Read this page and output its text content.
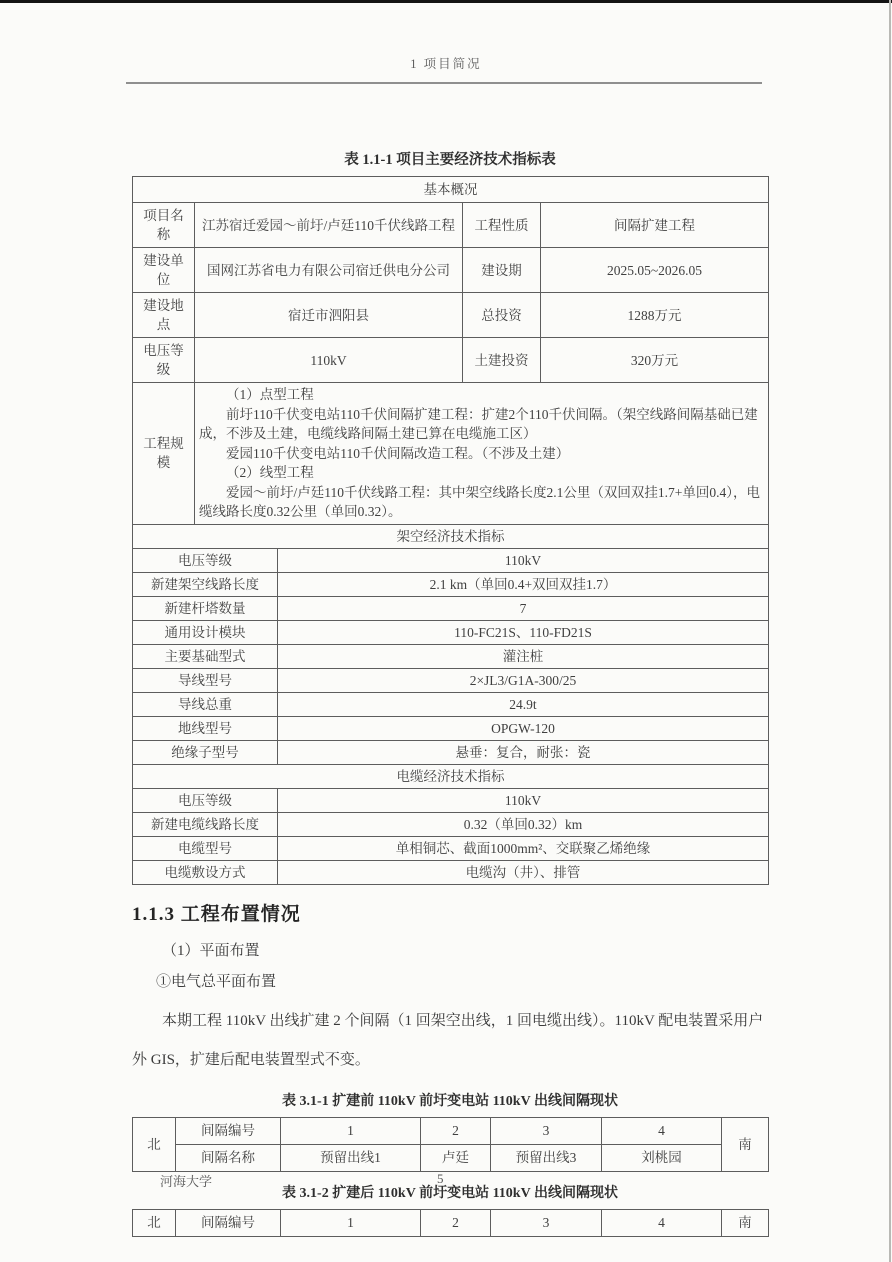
1 项目简况
表 1.1-1 项目主要经济技术指标表
基本概况			
项目名称	江苏宿迁爱园～前圩/卢廷110千伏线路工程	工程性质	间隔扩建工程
建设单位	国网江苏省电力有限公司宿迁供电分公司	建设期	2025.05~2026.05
建设地点	宿迁市泗阳县	总投资	1288万元
电压等级	110kV	土建投资	320万元
工程规模	（1）点型工程

前圩110千伏变电站110千伏间隔扩建工程：扩建2个110千伏间隔。（架空线路间隔基础已建成，不涉及土建，电缆线路间隔土建已算在电缆施工区）

爱园110千伏变电站110千伏间隔改造工程。（不涉及土建）

（2）线型工程

爱园～前圩/卢廷110千伏线路工程：其中架空线路长度2.1公里（双回双挂1.7+单回0.4），电缆线路长度0.32公里（单回0.32）。		

架空经济技术指标	
电压等级	110kV
新建架空线路长度	2.1 km（单回0.4+双回双挂1.7）
新建杆塔数量	7
通用设计模块	110-FC21S、110-FD21S
主要基础型式	灌注桩
导线型号	2×JL3/G1A-300/25
导线总重	24.9t
地线型号	OPGW-120
绝缘子型号	悬垂：复合，耐张：瓷
电缆经济技术指标	
电压等级	110kV
新建电缆线路长度	0.32（单回0.32）km
电缆型号	单相铜芯、截面1000mm²、交联聚乙烯绝缘
电缆敷设方式	电缆沟（井）、排管
1.1.3 工程布置情况

（1）平面布置

①电气总平面布置

本期工程 110kV 出线扩建 2 个间隔（1 回架空出线，1 回电缆出线）。110kV 配电装置采用户外 GIS，扩建后配电装置型式不变。

表 3.1-1 扩建前 110kV 前圩变电站 110kV 出线间隔现状
北	间隔编号	1	2	3	4	南
	间隔名称	预留出线1	卢廷	预留出线3	刘桃园	
表 3.1-2 扩建后 110kV 前圩变电站 110kV 出线间隔现状
北	间隔编号	1	2	3	4	南
河海大学	5
